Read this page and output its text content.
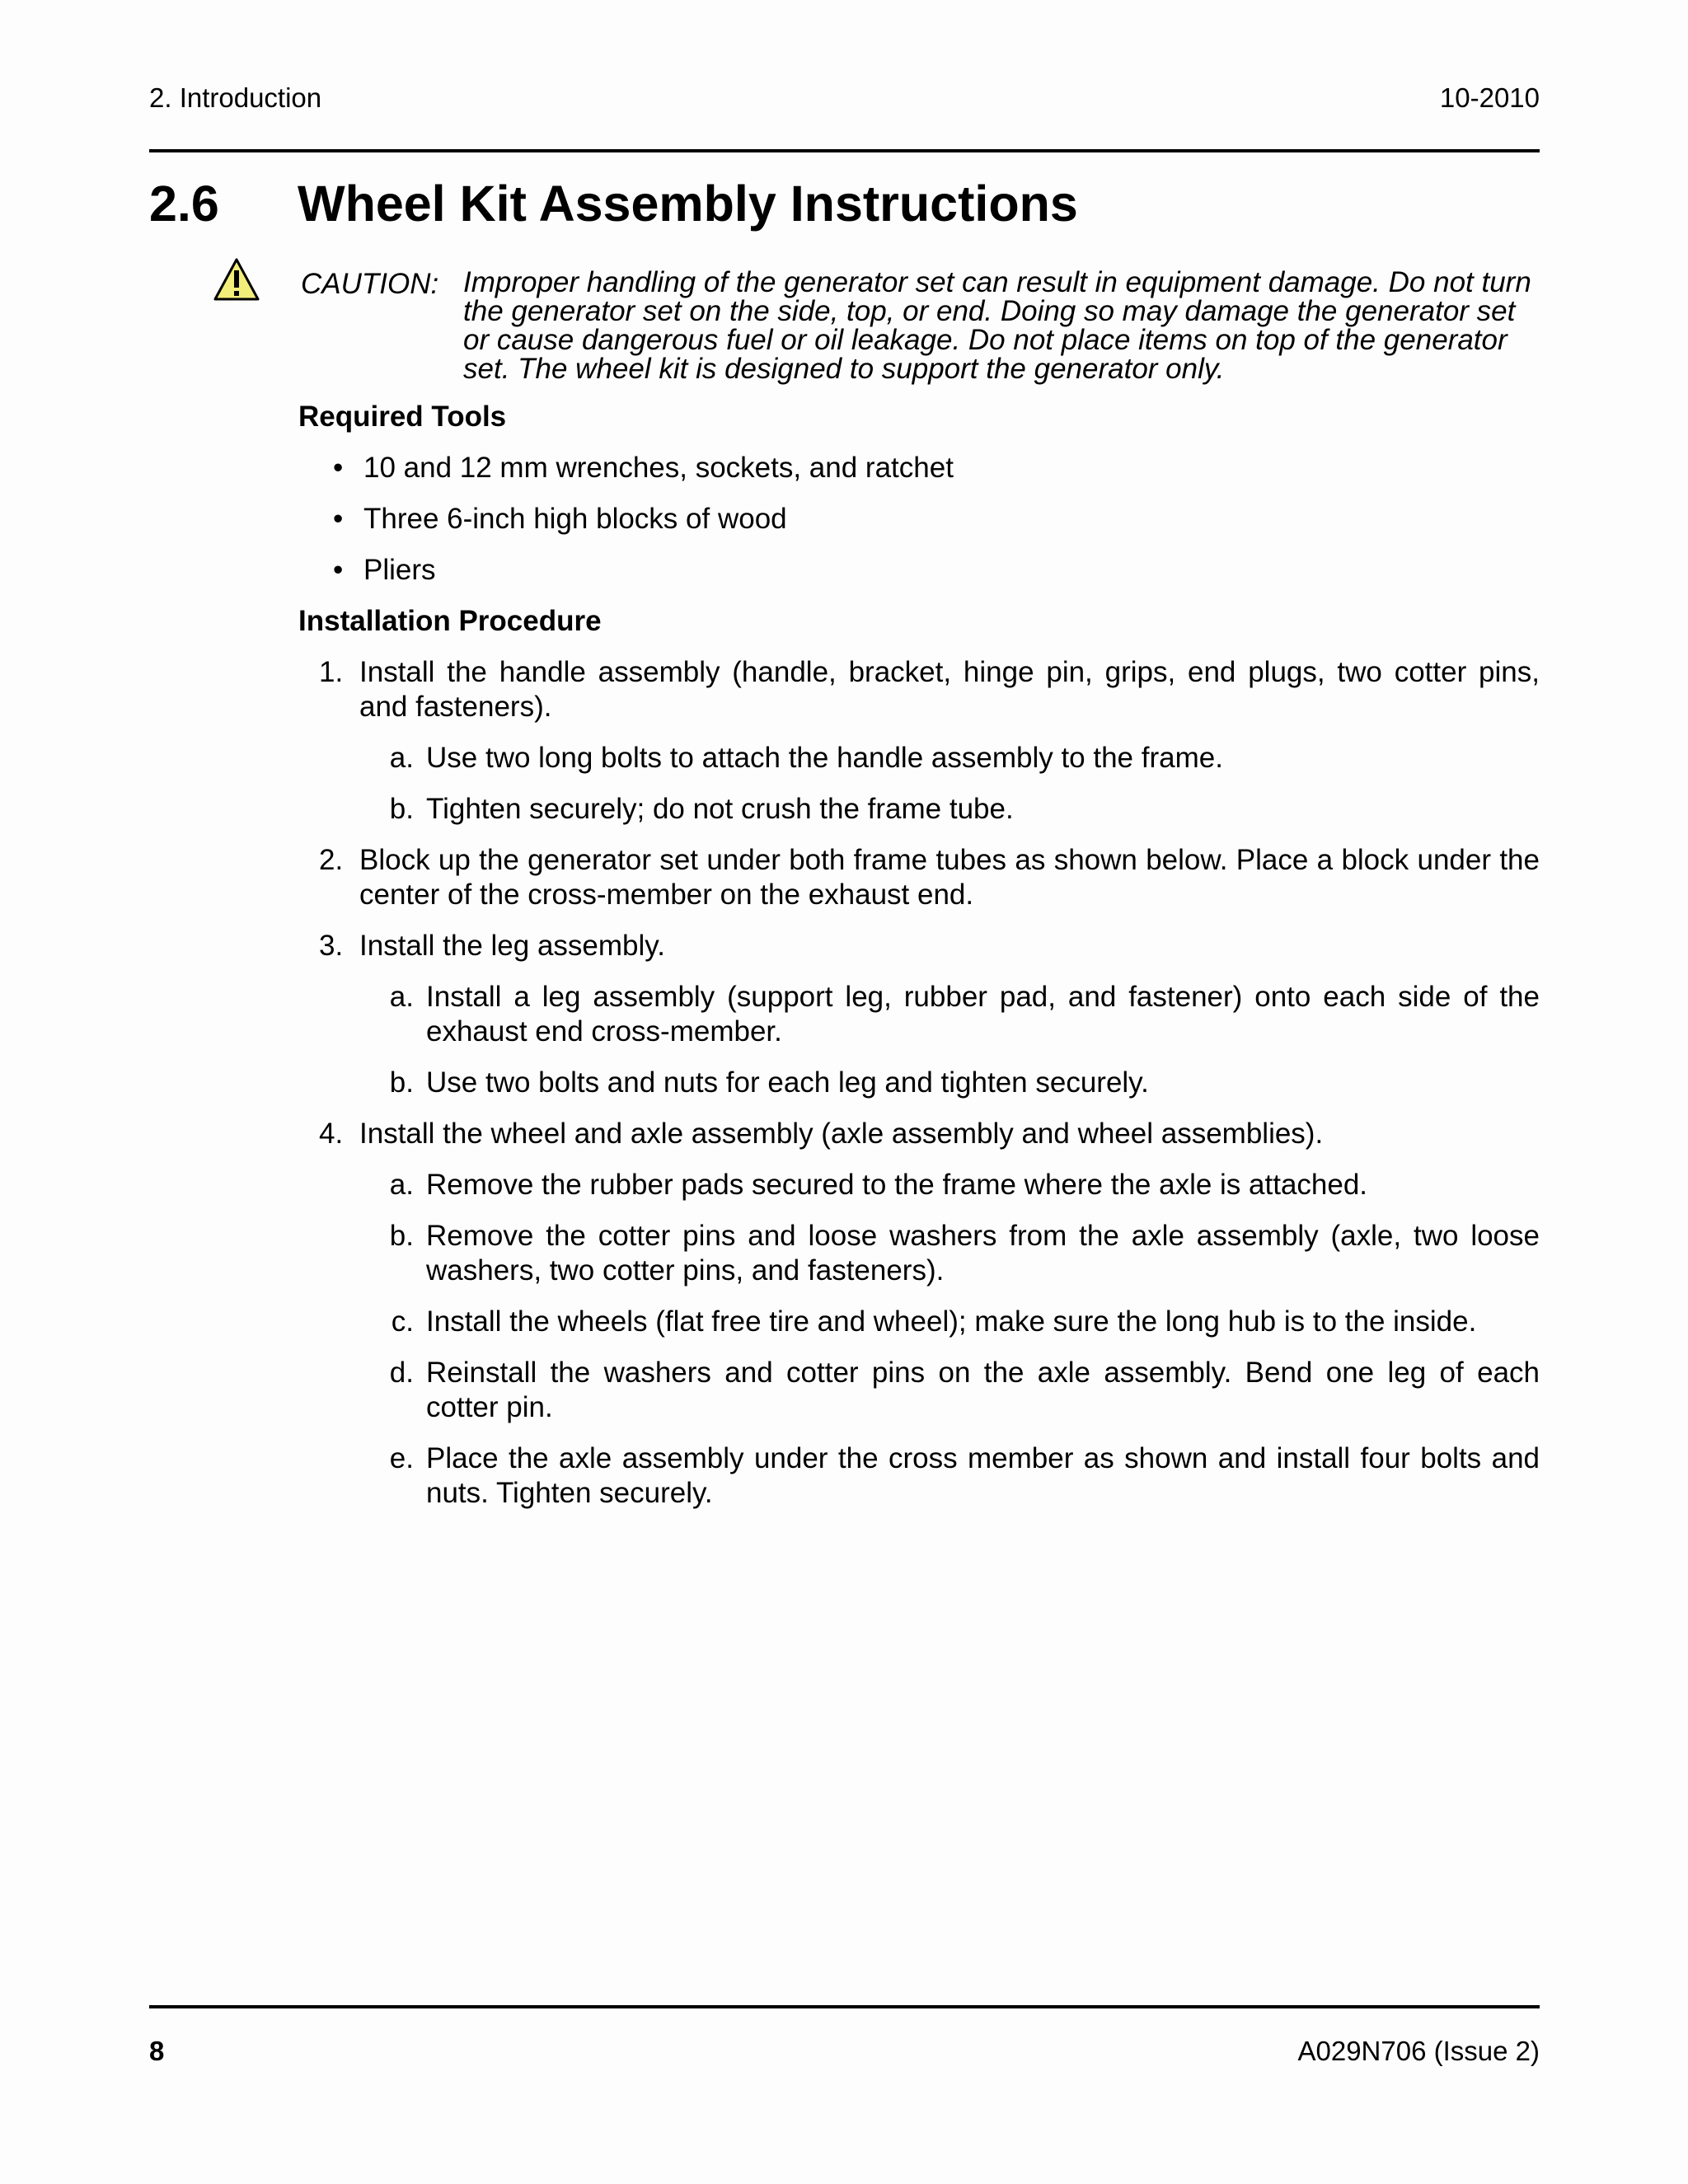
2. Introduction	10-2010
2.6 Wheel Kit Assembly Instructions
CAUTION: Improper handling of the generator set can result in equipment damage. Do not turn the generator set on the side, top, or end. Doing so may damage the generator set or cause dangerous fuel or oil leakage. Do not place items on top of the generator set. The wheel kit is designed to support the generator only.

Required Tools

• 10 and 12 mm wrenches, sockets, and ratchet
• Three 6-inch high blocks of wood
• Pliers

Installation Procedure

1. Install the handle assembly (handle, bracket, hinge pin, grips, end plugs, two cotter pins, and fasteners).
a. Use two long bolts to attach the handle assembly to the frame.
b. Tighten securely; do not crush the frame tube.
2. Block up the generator set under both frame tubes as shown below. Place a block under the center of the cross-member on the exhaust end.
3. Install the leg assembly.
a. Install a leg assembly (support leg, rubber pad, and fastener) onto each side of the exhaust end cross-member.
b. Use two bolts and nuts for each leg and tighten securely.
4. Install the wheel and axle assembly (axle assembly and wheel assemblies).
a. Remove the rubber pads secured to the frame where the axle is attached.
b. Remove the cotter pins and loose washers from the axle assembly (axle, two loose washers, two cotter pins, and fasteners).
c. Install the wheels (flat free tire and wheel); make sure the long hub is to the inside.
d. Reinstall the washers and cotter pins on the axle assembly. Bend one leg of each cotter pin.
e. Place the axle assembly under the cross member as shown and install four bolts and nuts. Tighten securely.
8	A029N706 (Issue 2)
